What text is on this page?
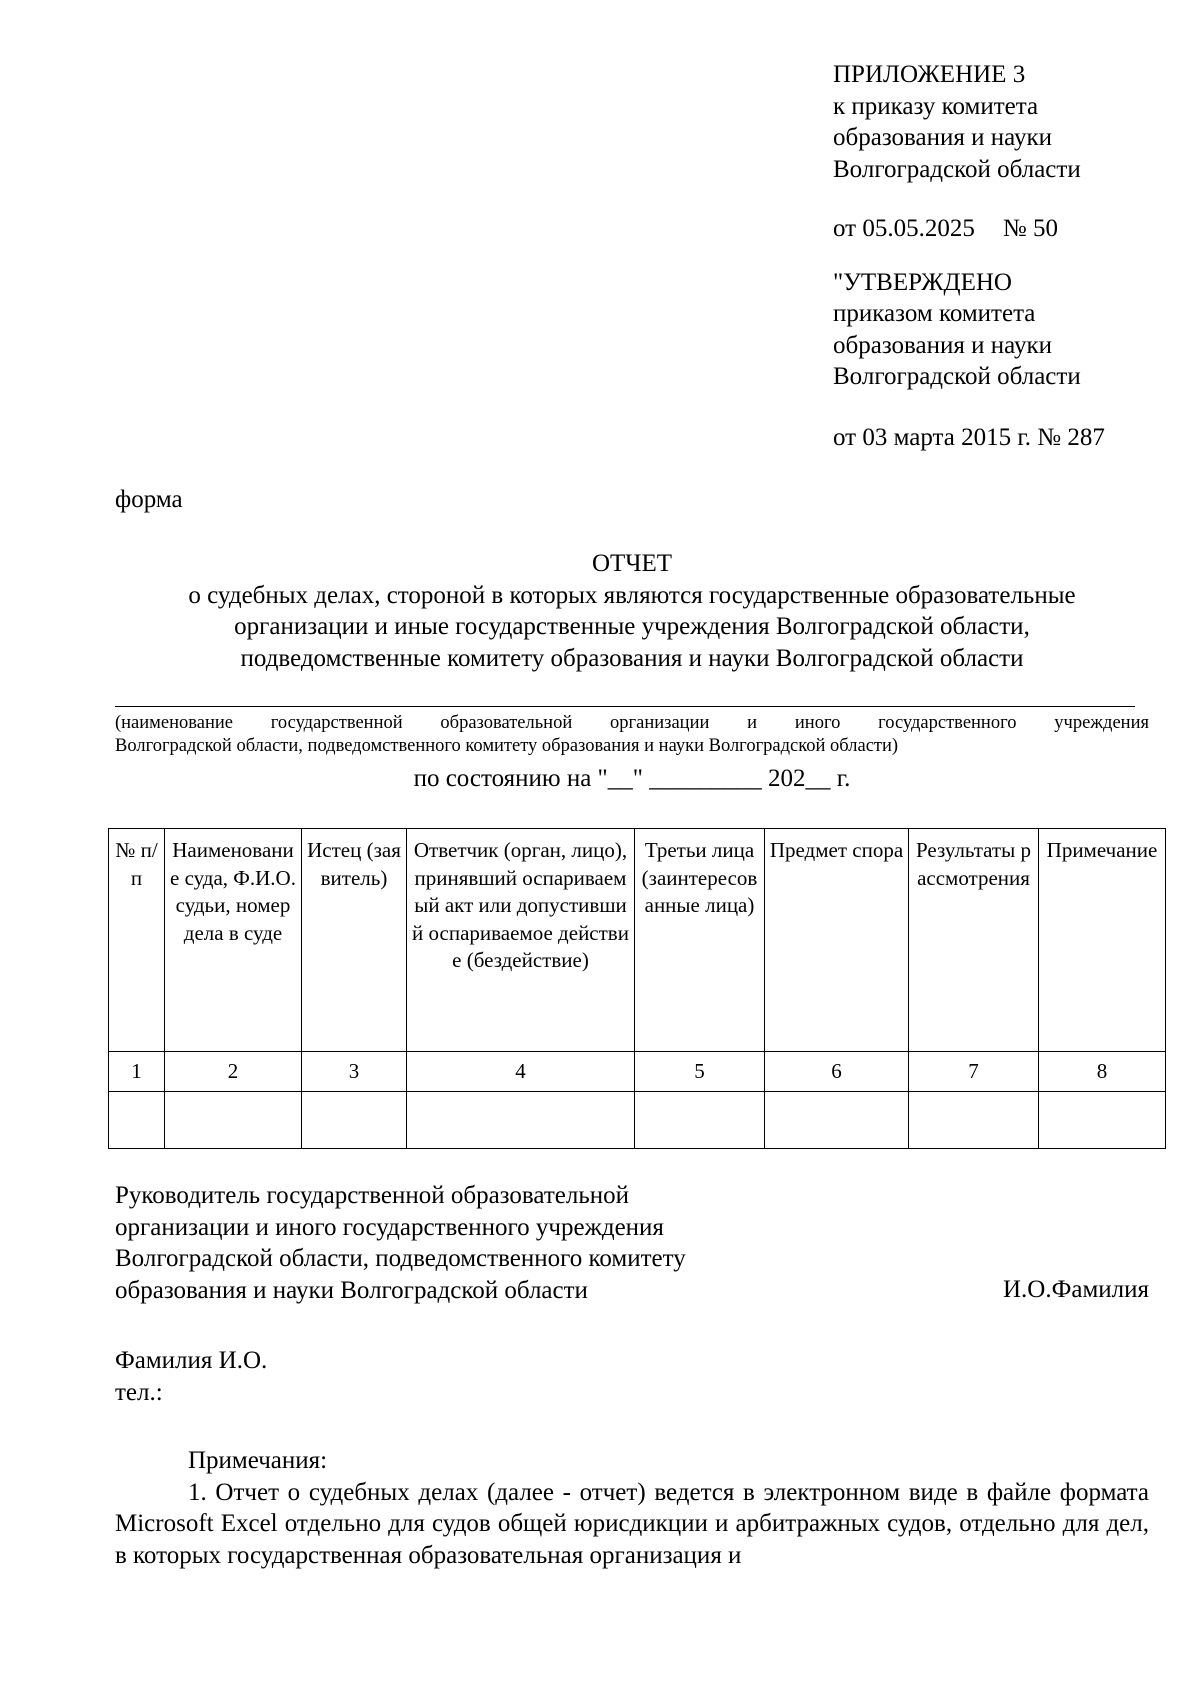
ПРИЛОЖЕНИЕ 3

к приказу комитета

образования и науки

Волгоградской области

от 05.05.2025 № 50

"УТВЕРЖДЕНО

приказом комитета

образования и науки

Волгоградской области

от 03 марта 2015 г. № 287

форма
ОТЧЕТ
о судебных делах, стороной в которых являются государственные образовательные
организации и иные государственные учреждения Волгоградской области,
подведомственные комитету образования и науки Волгоградской области
(наименование государственной образовательной организации и иного государственного учреждения
Волгоградской области, подведомственного комитету образования и науки Волгоградской области)
по состоянию на "__" _________ 202__ г.
№ п/п	Наименование суда, Ф.И.О. судьи, номер дела в суде	Истец (заявитель)	Ответчик (орган, лицо), принявший оспариваемый акт или допустивший оспариваемое действие (бездействие)	Третьи лица (заинтересованные лица)	Предмет спора	Результаты рассмотрения	Примечание
1	2	3	4	5	6	7	8

Руководитель государственной образовательной

организации и иного государственного учреждения

Волгоградской области, подведомственного комитету

образования и науки Волгоградской области	И.О.Фамилия

Фамилия И.О.

тел.:

Примечания:

1. Отчет о судебных делах (далее - отчет) ведется в электронном виде в файле формата Microsoft Excel отдельно для судов общей юрисдикции и арбитражных судов, отдельно для дел, в которых государственная образовательная организация и
